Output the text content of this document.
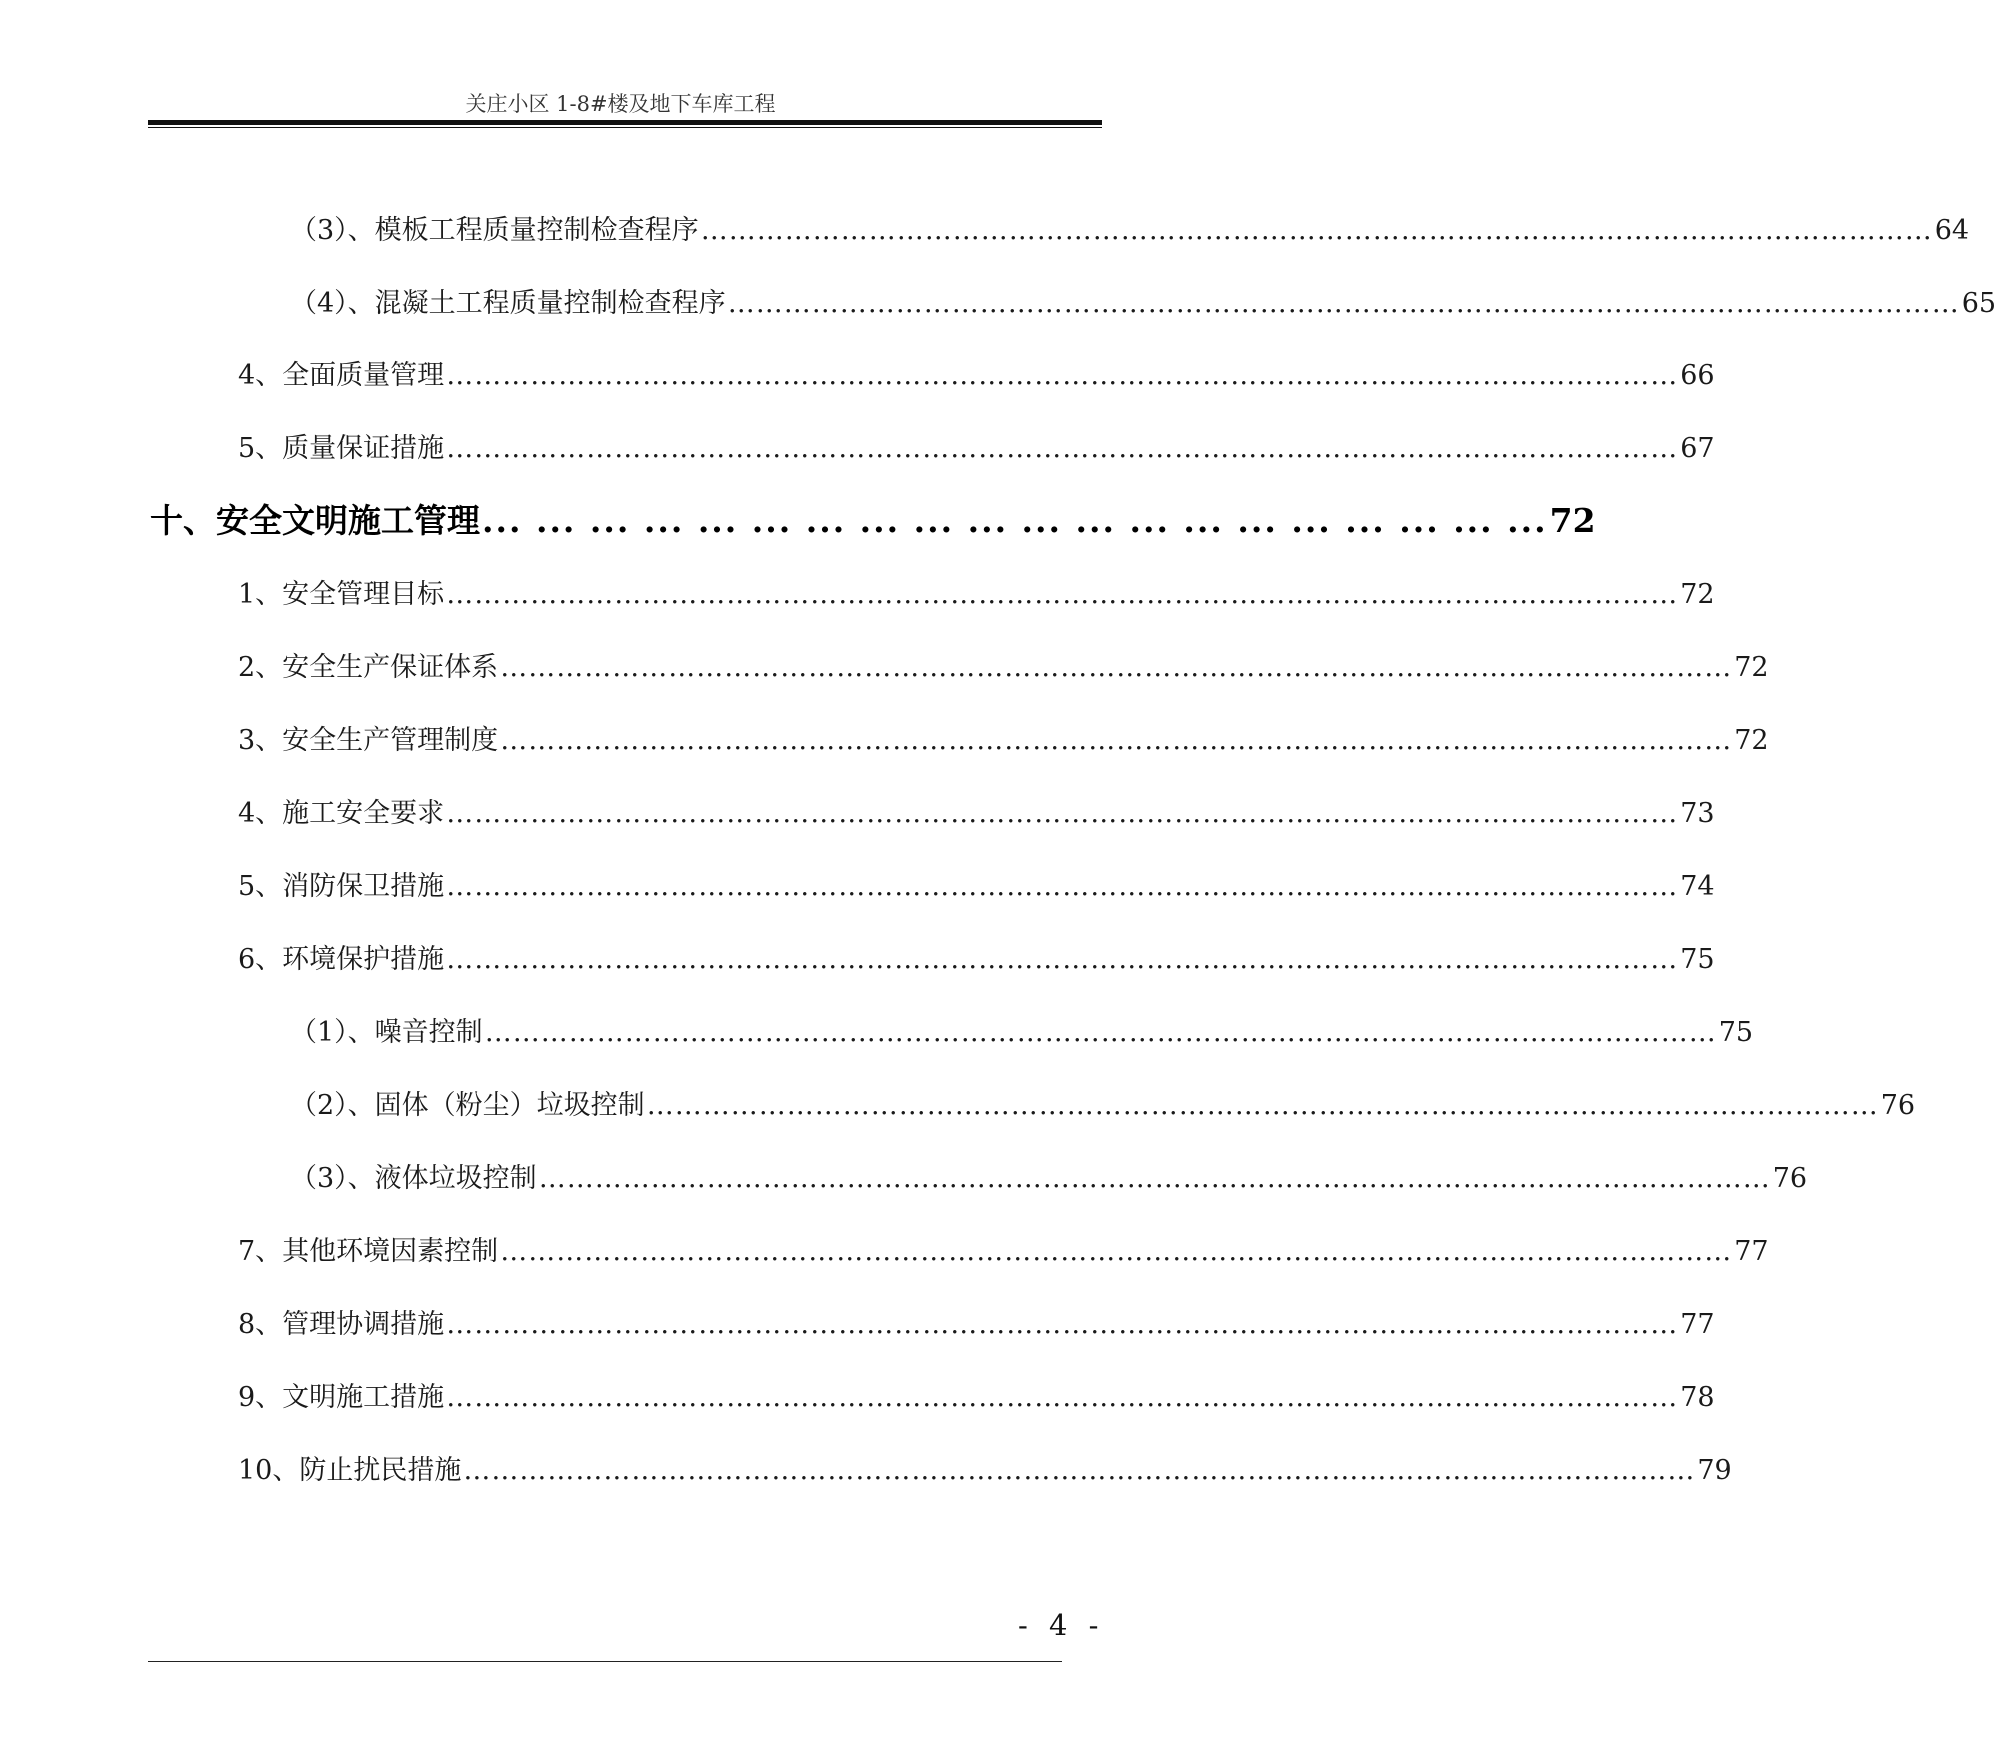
关庄小区 1-8#楼及地下车库工程
（3）、模板工程质量控制检查程序 …………………………………………………………………………………………………………………… 64
（4）、混凝土工程质量控制检查程序 …………………………………………………………………………………………………………………… 65
4、全面质量管理 …………………………………………………………………………………………………………………… 66
5、质量保证措施 …………………………………………………………………………………………………………………… 67
十、安全文明施工管理 ... ... ... ... ... ... ... ... ... ... ... ... ... ... ... ... ... ... ... ... 72
1、安全管理目标 …………………………………………………………………………………………………………………… 72
2、安全生产保证体系 …………………………………………………………………………………………………………………… 72
3、安全生产管理制度 …………………………………………………………………………………………………………………… 72
4、施工安全要求 …………………………………………………………………………………………………………………… 73
5、消防保卫措施 …………………………………………………………………………………………………………………… 74
6、环境保护措施 …………………………………………………………………………………………………………………… 75
（1）、噪音控制 …………………………………………………………………………………………………………………… 75
（2）、固体（粉尘）垃圾控制 …………………………………………………………………………………………………………………… 76
（3）、液体垃圾控制 …………………………………………………………………………………………………………………… 76
7、其他环境因素控制 …………………………………………………………………………………………………………………… 77
8、管理协调措施 …………………………………………………………………………………………………………………… 77
9、文明施工措施 …………………………………………………………………………………………………………………… 78
10、防止扰民措施 …………………………………………………………………………………………………………………… 79
- 4 -
